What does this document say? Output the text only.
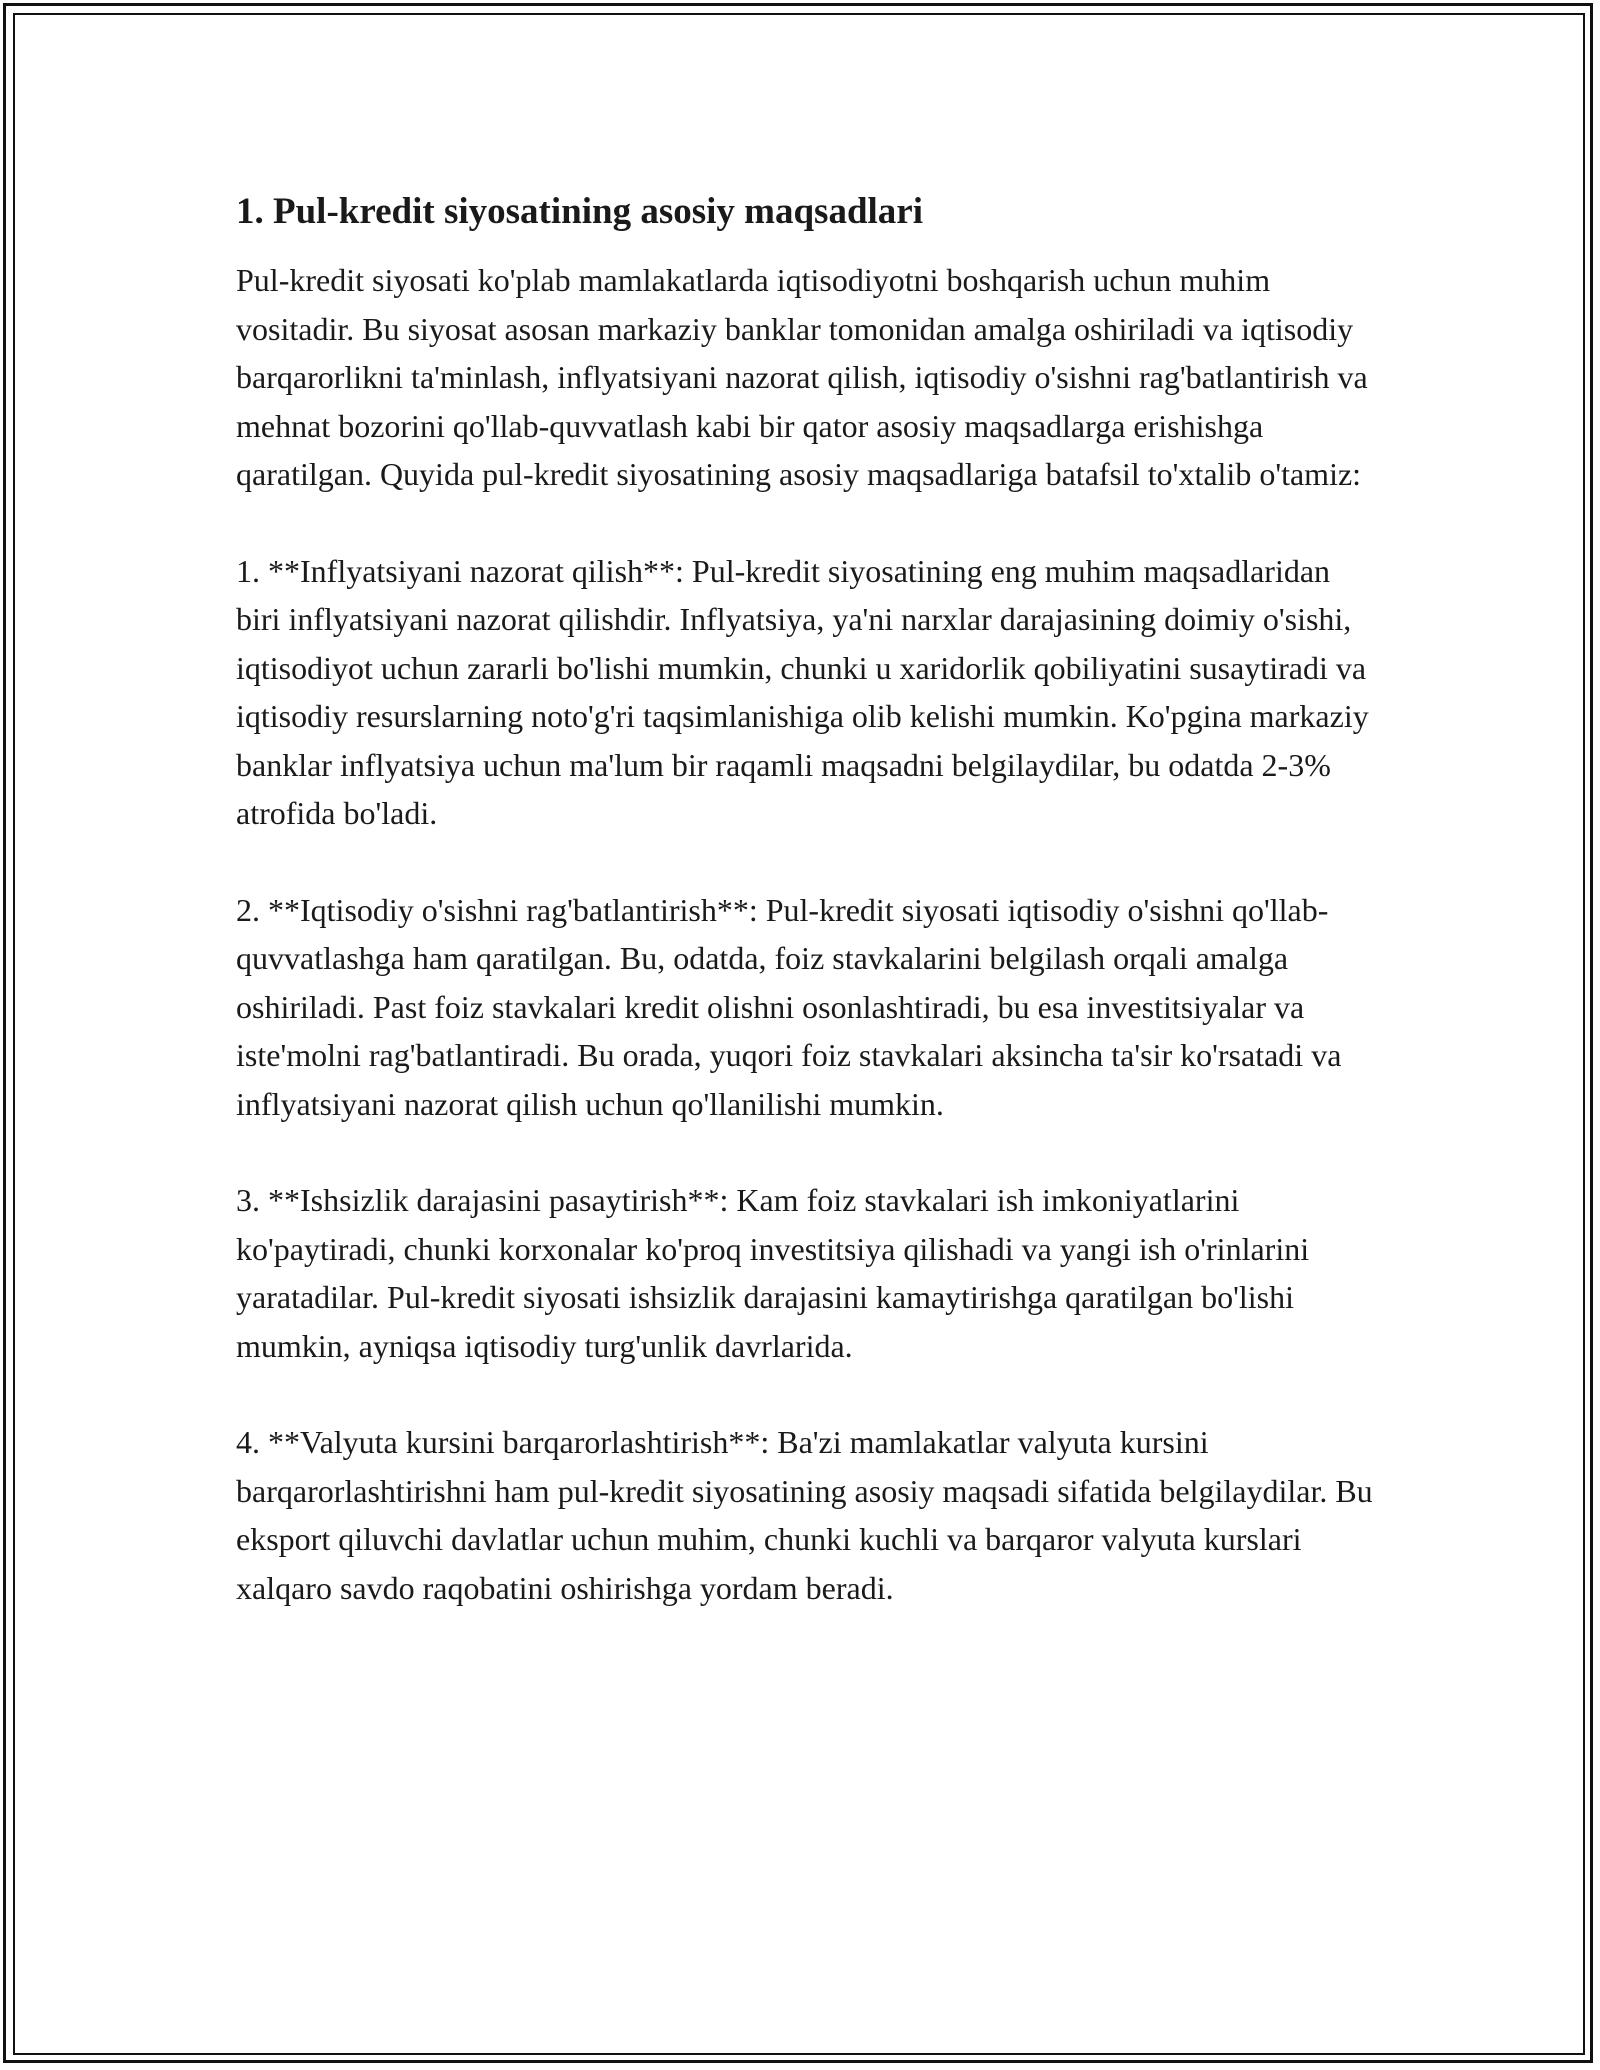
1. Pul-kredit siyosatining asosiy maqsadlari

Pul-kredit siyosati ko'plab mamlakatlarda iqtisodiyotni boshqarish uchun muhim vositadir. Bu siyosat asosan markaziy banklar tomonidan amalga oshiriladi va iqtisodiy barqarorlikni ta'minlash, inflyatsiyani nazorat qilish, iqtisodiy o'sishni rag'batlantirish va mehnat bozorini qo'llab-quvvatlash kabi bir qator asosiy maqsadlarga erishishga qaratilgan. Quyida pul-kredit siyosatining asosiy maqsadlariga batafsil to'xtalib o'tamiz:

1. **Inflyatsiyani nazorat qilish**: Pul-kredit siyosatining eng muhim maqsadlaridan biri inflyatsiyani nazorat qilishdir. Inflyatsiya, ya'ni narxlar darajasining doimiy o'sishi, iqtisodiyot uchun zararli bo'lishi mumkin, chunki u xaridorlik qobiliyatini susaytiradi va iqtisodiy resurslarning noto'g'ri taqsimlanishiga olib kelishi mumkin. Ko'pgina markaziy banklar inflyatsiya uchun ma'lum bir raqamli maqsadni belgilaydilar, bu odatda 2-3% atrofida bo'ladi.

2. **Iqtisodiy o'sishni rag'batlantirish**: Pul-kredit siyosati iqtisodiy o'sishni qo'llab-quvvatlashga ham qaratilgan. Bu, odatda, foiz stavkalarini belgilash orqali amalga oshiriladi. Past foiz stavkalari kredit olishni osonlashtiradi, bu esa investitsiyalar va iste'molni rag'batlantiradi. Bu orada, yuqori foiz stavkalari aksincha ta'sir ko'rsatadi va inflyatsiyani nazorat qilish uchun qo'llanilishi mumkin.

3. **Ishsizlik darajasini pasaytirish**: Kam foiz stavkalari ish imkoniyatlarini ko'paytiradi, chunki korxonalar ko'proq investitsiya qilishadi va yangi ish o'rinlarini yaratadilar. Pul-kredit siyosati ishsizlik darajasini kamaytirishga qaratilgan bo'lishi mumkin, ayniqsa iqtisodiy turg'unlik davrlarida.

4. **Valyuta kursini barqarorlashtirish**: Ba'zi mamlakatlar valyuta kursini barqarorlashtirishni ham pul-kredit siyosatining asosiy maqsadi sifatida belgilaydilar. Bu eksport qiluvchi davlatlar uchun muhim, chunki kuchli va barqaror valyuta kurslari xalqaro savdo raqobatini oshirishga yordam beradi.
